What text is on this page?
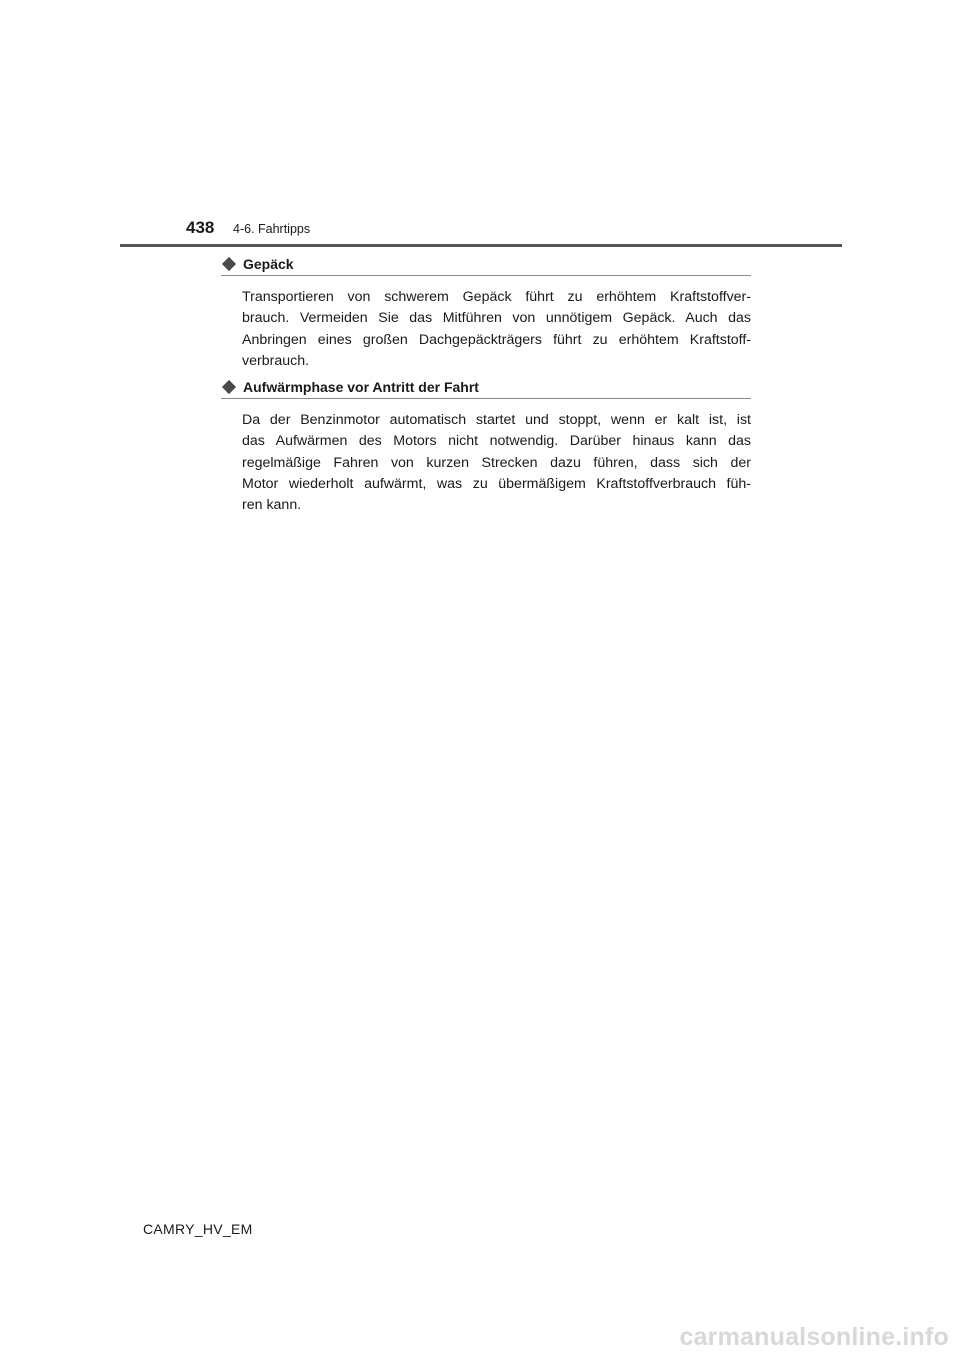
438 4-6. Fahrtipps
Gepäck
Transportieren von schwerem Gepäck führt zu erhöhtem Kraftstoffver-
brauch. Vermeiden Sie das Mitführen von unnötigem Gepäck. Auch das
Anbringen eines großen Dachgepäckträgers führt zu erhöhtem Kraftstoff-
verbrauch.
Aufwärmphase vor Antritt der Fahrt
Da der Benzinmotor automatisch startet und stoppt, wenn er kalt ist, ist
das Aufwärmen des Motors nicht notwendig. Darüber hinaus kann das
regelmäßige Fahren von kurzen Strecken dazu führen, dass sich der
Motor wiederholt aufwärmt, was zu übermäßigem Kraftstoffverbrauch füh-
ren kann.
CAMRY_HV_EM
carmanualsonline.info
